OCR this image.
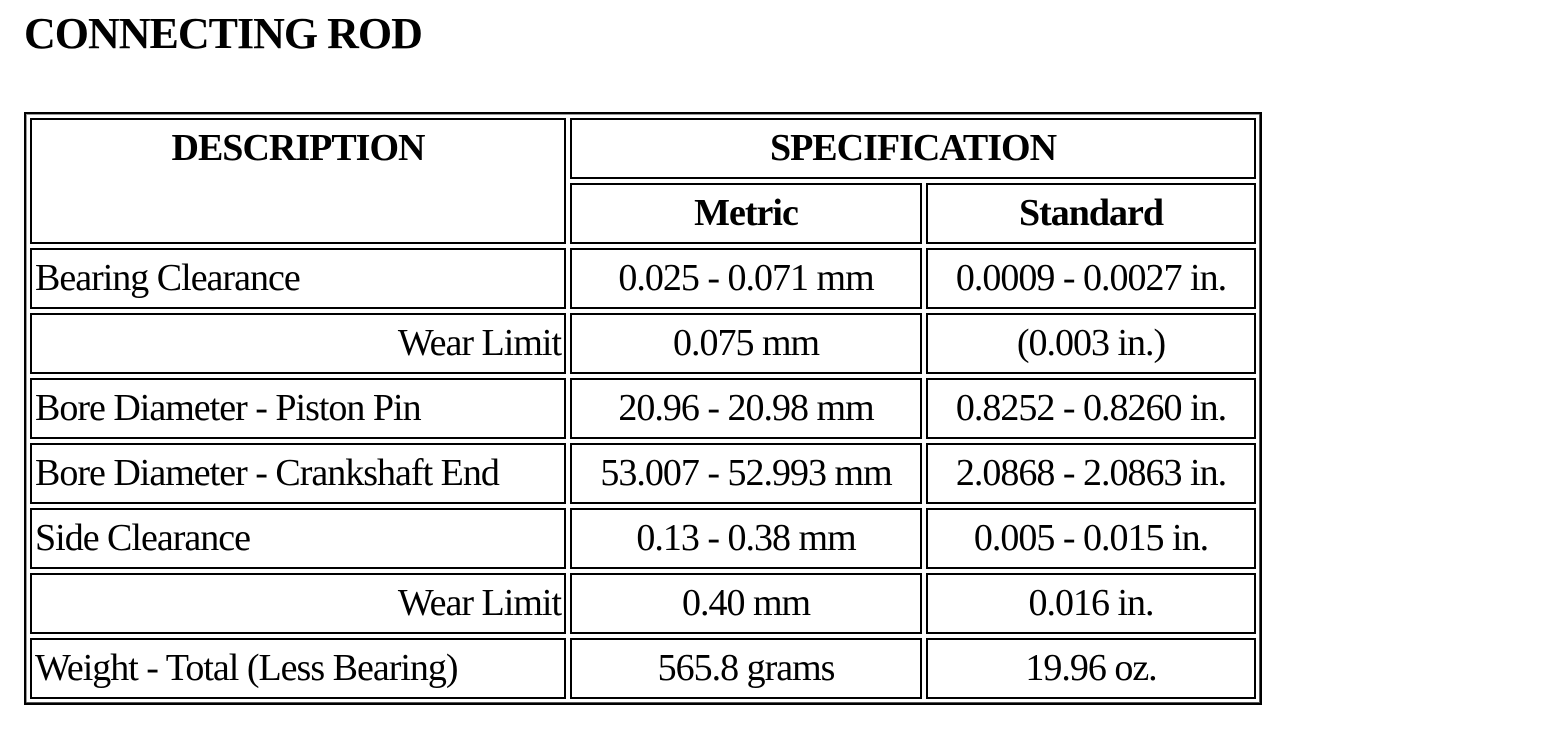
CONNECTING ROD
DESCRIPTION	SPECIFICATION	
	Metric	Standard
Bearing Clearance	0.025 - 0.071 mm	0.0009 - 0.0027 in.
Wear Limit	0.075 mm	(0.003 in.)
Bore Diameter - Piston Pin	20.96 - 20.98 mm	0.8252 - 0.8260 in.
Bore Diameter - Crankshaft End	53.007 - 52.993 mm	2.0868 - 2.0863 in.
Side Clearance	0.13 - 0.38 mm	0.005 - 0.015 in.
Wear Limit	0.40 mm	0.016 in.
Weight - Total (Less Bearing)	565.8 grams	19.96 oz.
